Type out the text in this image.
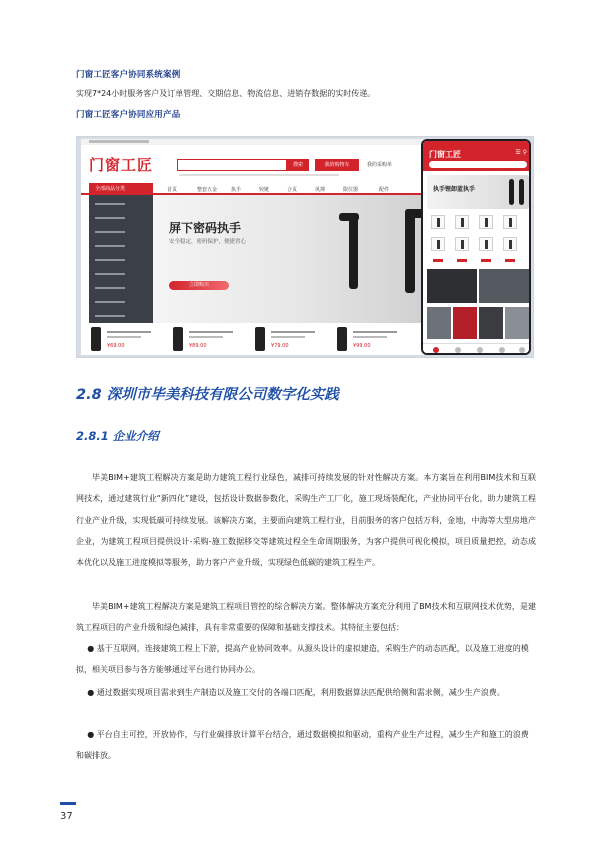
门窗工匠客户协同系统案例
实现7*24小时服务客户及订单管理、交期信息、物流信息、进销存数据的实时传递。
门窗工匠客户协同应用产品
门窗工匠	搜索	我的购物车	我的采购单
全部商品分类	首页	整套五金	执手	铰链	合页	风撑	限位器	配件
屏下密码执手
安全稳定，密码保护，便捷省心
立即购买
¥69.00	¥89.00	¥79.00	¥99.00
门窗工匠	☰ ⚲
执手锂卸蓝执手
2.8 深圳市毕美科技有限公司数字化实践
2.8.1 企业介绍
毕美BIM+建筑工程解决方案是助力建筑工程行业绿色，减排可持续发展的针对性解决方案。本方案旨在利用BIM技术和互联网技术，通过建筑行业“新四化”建设，包括设计数据参数化，采购生产工厂化，施工现场装配化，产业协同平台化，助力建筑工程行业产业升级，实现低碳可持续发展。该解决方案，主要面向建筑工程行业，目前服务的客户包括万科，金地，中海等大型房地产企业，为建筑工程项目提供设计-采购-施工数据移交等建筑过程全生命周期服务，为客户提供可视化模拟，项目质量把控，动态成本优化以及施工进度模拟等服务，助力客户产业升级，实现绿色低碳的建筑工程生产。
毕美BIM+建筑工程解决方案是建筑工程项目管控的综合解决方案。整体解决方案充分利用了BM技术和互联网技术优势，是建筑工程项目的产业升级和绿色减排，具有非常重要的保障和基础支撑技术。其特征主要包括：
● 基于互联网，连接建筑工程上下游，提高产业协同效率。从源头设计的虚拟建造，采购生产的动态匹配，以及施工进度的模拟，相关项目参与各方能够通过平台进行协同办公。
● 通过数据实现项目需求到生产制造以及施工交付的各端口匹配，利用数据算法匹配供给侧和需求侧，减少生产浪费。
● 平台自主可控，开放协作，与行业碳排放计算平台结合，通过数据模拟和驱动，重构产业生产过程，减少生产和施工的浪费和碳排放。
37
